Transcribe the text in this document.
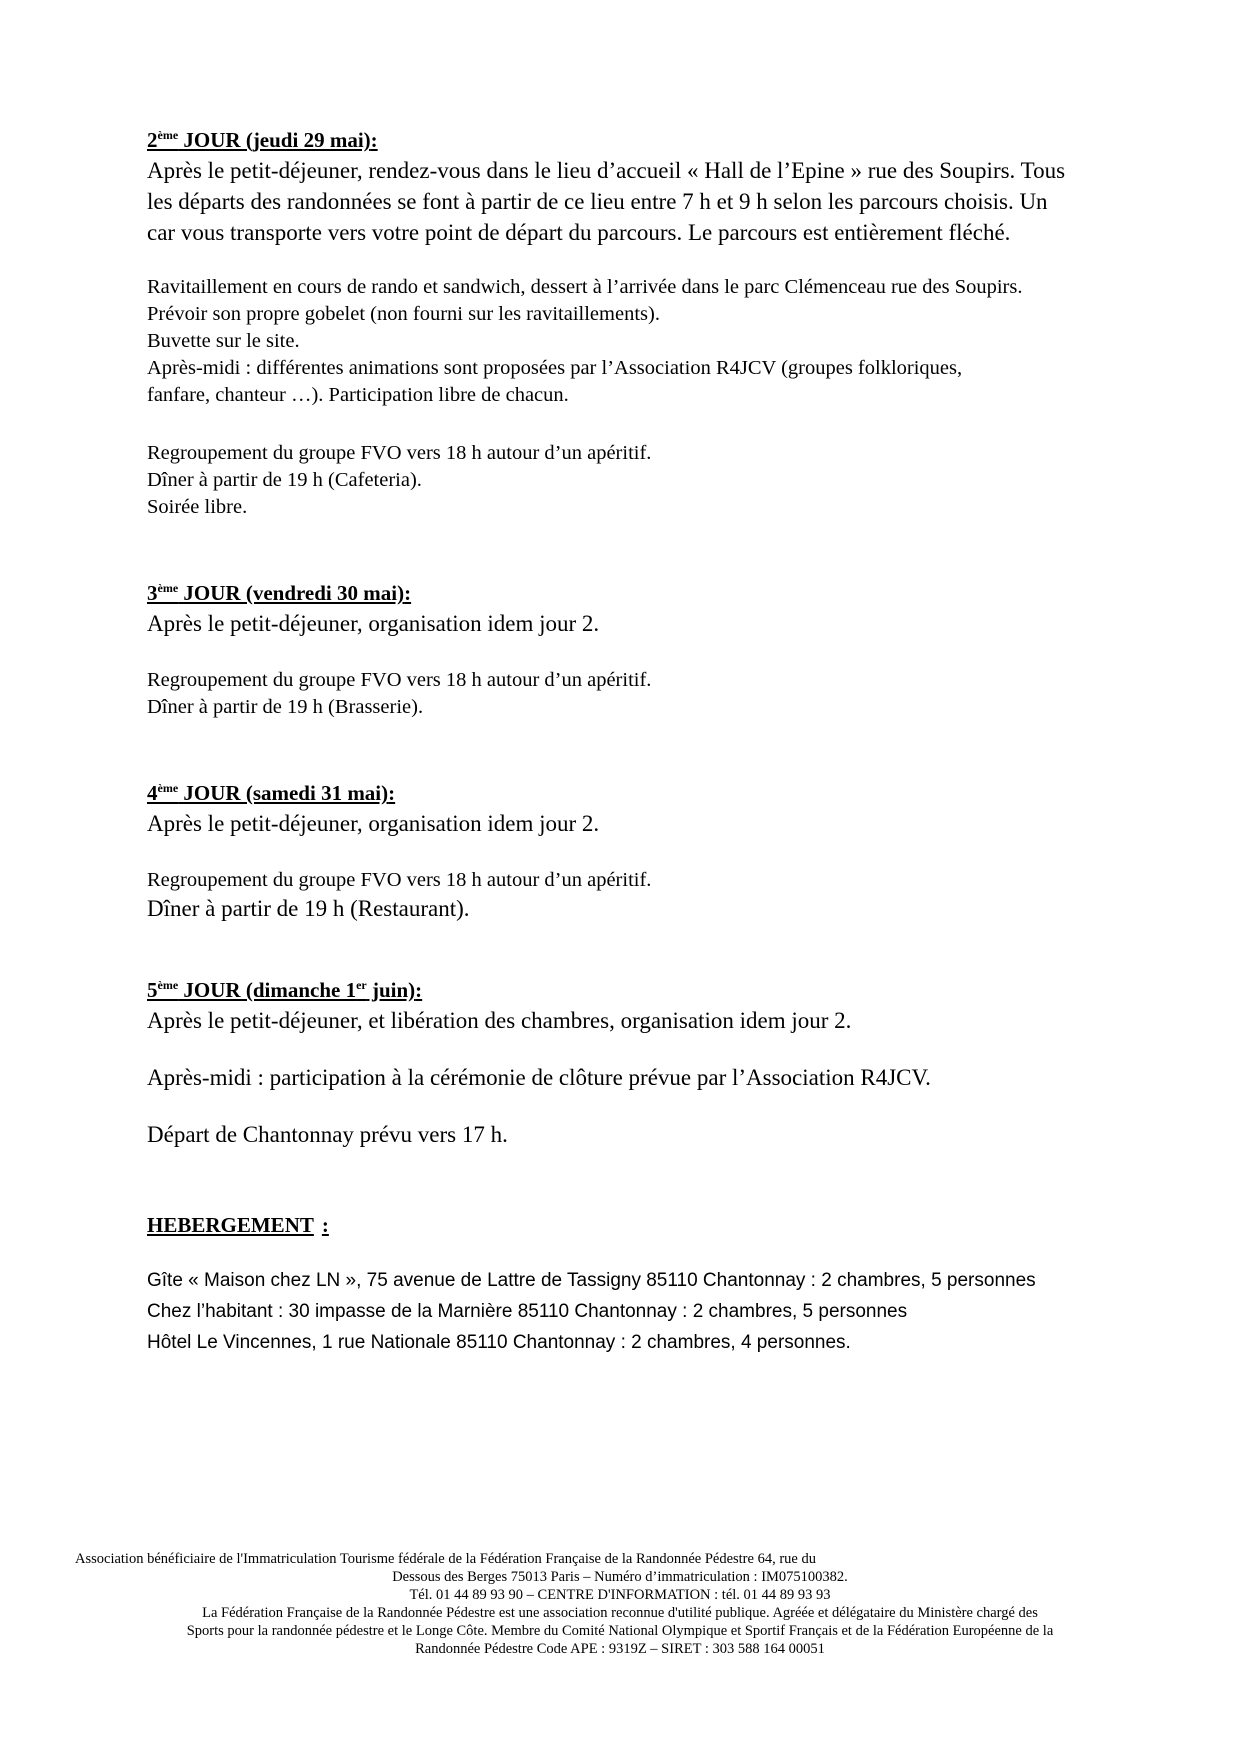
2ème JOUR (jeudi 29 mai):
Après le petit-déjeuner, rendez-vous dans le lieu d’accueil « Hall de l’Epine » rue des Soupirs. Tous
les départs des randonnées se font à partir de ce lieu entre 7 h et 9 h selon les parcours choisis. Un
car vous transporte vers votre point de départ du parcours. Le parcours est entièrement fléché.
Ravitaillement en cours de rando et sandwich, dessert à l’arrivée dans le parc Clémenceau rue des Soupirs.
Prévoir son propre gobelet (non fourni sur les ravitaillements).
Buvette sur le site.
Après-midi : différentes animations sont proposées par l’Association R4JCV (groupes folkloriques,
fanfare, chanteur …). Participation libre de chacun.
Regroupement du groupe FVO vers 18 h autour d’un apéritif.
Dîner à partir de 19 h (Cafeteria).
Soirée libre.
3ème JOUR (vendredi 30 mai):
Après le petit-déjeuner, organisation idem jour 2.
Regroupement du groupe FVO vers 18 h autour d’un apéritif.
Dîner à partir de 19 h (Brasserie).
4ème JOUR (samedi 31 mai):
Après le petit-déjeuner, organisation idem jour 2.
Regroupement du groupe FVO vers 18 h autour d’un apéritif.
Dîner à partir de 19 h (Restaurant).
5ème JOUR (dimanche 1er juin):
Après le petit-déjeuner, et libération des chambres, organisation idem jour 2.
Après-midi : participation à la cérémonie de clôture prévue par l’Association R4JCV.
Départ de Chantonnay prévu vers 17 h.
HEBERGEMENT :
Gîte « Maison chez LN », 75 avenue de Lattre de Tassigny 85110 Chantonnay : 2 chambres, 5 personnes
Chez l’habitant : 30 impasse de la Marnière 85110 Chantonnay : 2 chambres, 5 personnes
Hôtel Le Vincennes, 1 rue Nationale 85110 Chantonnay : 2 chambres, 4 personnes.
Association bénéficiaire de l'Immatriculation Tourisme fédérale de la Fédération Française de la Randonnée Pédestre 64, rue du
Dessous des Berges 75013 Paris – Numéro d’immatriculation : IM075100382.
Tél. 01 44 89 93 90 – CENTRE D'INFORMATION : tél. 01 44 89 93 93
La Fédération Française de la Randonnée Pédestre est une association reconnue d'utilité publique. Agréée et délégataire du Ministère chargé des
Sports pour la randonnée pédestre et le Longe Côte. Membre du Comité National Olympique et Sportif Français et de la Fédération Européenne de la
Randonnée Pédestre Code APE : 9319Z – SIRET : 303 588 164 00051
